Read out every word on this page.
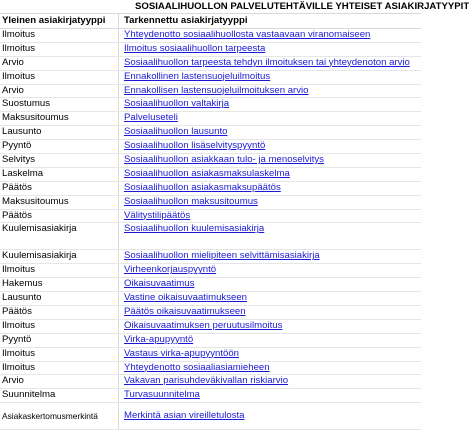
SOSIAALIHUOLLON PALVELUTEHTÄVILLE YHTEISET ASIAKIRJATYYPIT
Yleinen asiakirjatyyppi	Tarkennettu asiakirjatyyppi
Ilmoitus	Yhteydenotto sosiaalihuollosta vastaavaan viranomaiseen
Ilmoitus	Ilmoitus sosiaalihuollon tarpeesta
Arvio	Sosiaalihuollon tarpeesta tehdyn ilmoituksen tai yhteydenoton arvio
Ilmoitus	Ennakollinen lastensuojeluilmoitus
Arvio	Ennakollisen lastensuojeluilmoituksen arvio
Suostumus	Sosiaalihuollon valtakirja
Maksusitoumus	Palveluseteli
Lausunto	Sosiaalihuollon lausunto
Pyyntö	Sosiaalihuollon lisäselvityspyyntö
Selvitys	Sosiaalihuollon asiakkaan tulo- ja menoselvitys
Laskelma	Sosiaalihuollon asiakasmaksulaskelma
Päätös	Sosiaalihuollon asiakasmaksupäätös
Maksusitoumus	Sosiaalihuollon maksusitoumus
Päätös	Välitystilipäätös
Kuulemisasiakirja	Sosiaalihuollon kuulemisasiakirja
Kuulemisasiakirja	Sosiaalihuollon mielipiteen selvittämisasiakirja
Ilmoitus	Virheenkorjauspyyntö
Hakemus	Oikaisuvaatimus
Lausunto	Vastine oikaisuvaatimukseen
Päätös	Päätös oikaisuvaatimukseen
Ilmoitus	Oikaisuvaatimuksen peruutusilmoitus
Pyyntö	Virka-apupyyntö
Ilmoitus	Vastaus virka-apupyyntöön
Ilmoitus	Yhteydenotto sosiaaliasiamieheen
Arvio	Vakavan parisuhdeväkivallan riskiarvio
Suunnitelma	Turvasuunnitelma
Asiakaskertomusmerkintä	Merkintä asian vireilletulosta
